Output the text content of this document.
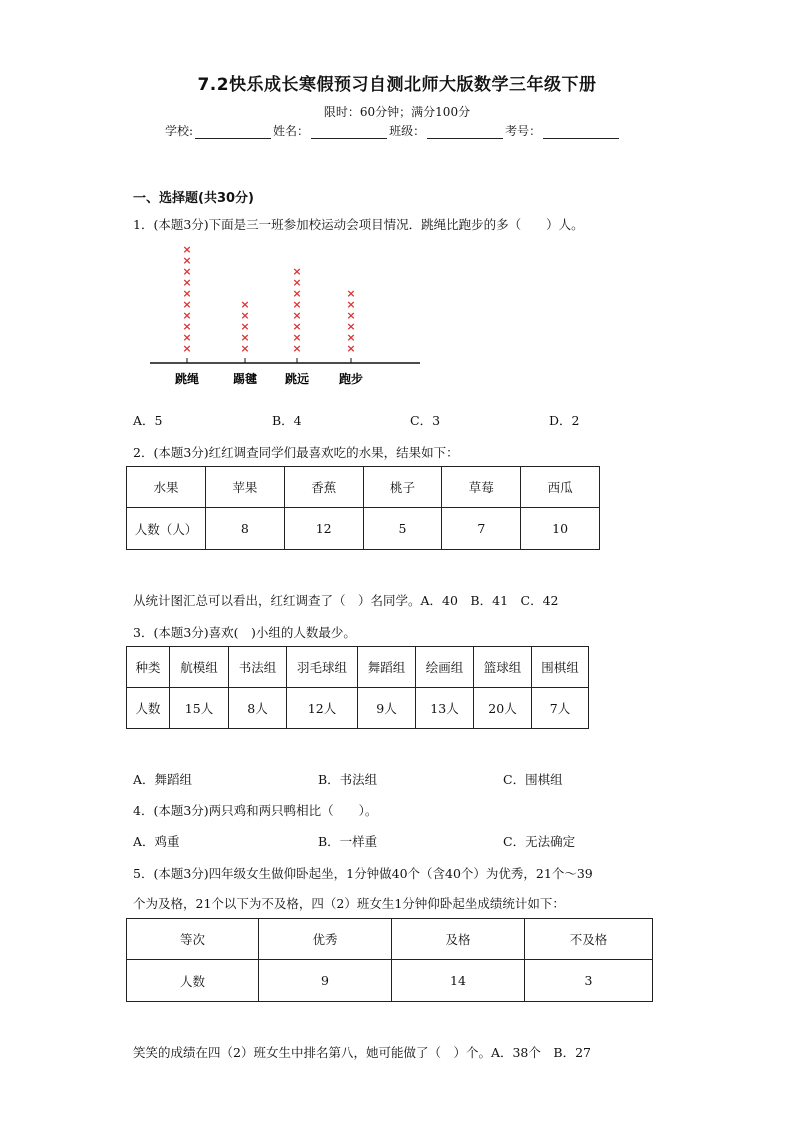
7.2快乐成长寒假预习自测北师大版数学三年级下册
限时：60分钟；满分100分
学校:	姓名：	班级：	考号：
一、选择题(共30分)
1．(本题3分)下面是三一班参加校运动会项目情况．跳绳比跑步的多（　　）人。
×
×
×
×
×
×
×
×
×
×
跳绳
×
×
×
×
×
踢毽
×
×
×
×
×
×
×
×
跳远
×
×
×
×
×
×
跑步
A．5	B．4	C．3	D．2
2．(本题3分)红红调查同学们最喜欢吃的水果，结果如下：
水果	苹果	香蕉	桃子	草莓	西瓜
人数（人）	8	12	5	7	10
从统计图汇总可以看出，红红调查了（　）名同学。A．40　B．41　C．42
3．(本题3分)喜欢(　)小组的人数最少。
种类	航模组	书法组	羽毛球组	舞蹈组	绘画组	篮球组	围棋组
人数	15人	8人	12人	9人	13人	20人	7人
A．舞蹈组	B．书法组	C．围棋组
4．(本题3分)两只鸡和两只鸭相比（　　）。
A．鸡重	B．一样重	C．无法确定
5．(本题3分)四年级女生做仰卧起坐，1分钟做40个（含40个）为优秀，21个～39
个为及格，21个以下为不及格，四（2）班女生1分钟仰卧起坐成绩统计如下：
等次	优秀	及格	不及格
人数	9	14	3
笑笑的成绩在四（2）班女生中排名第八，她可能做了（　）个。A．38个　B．27
